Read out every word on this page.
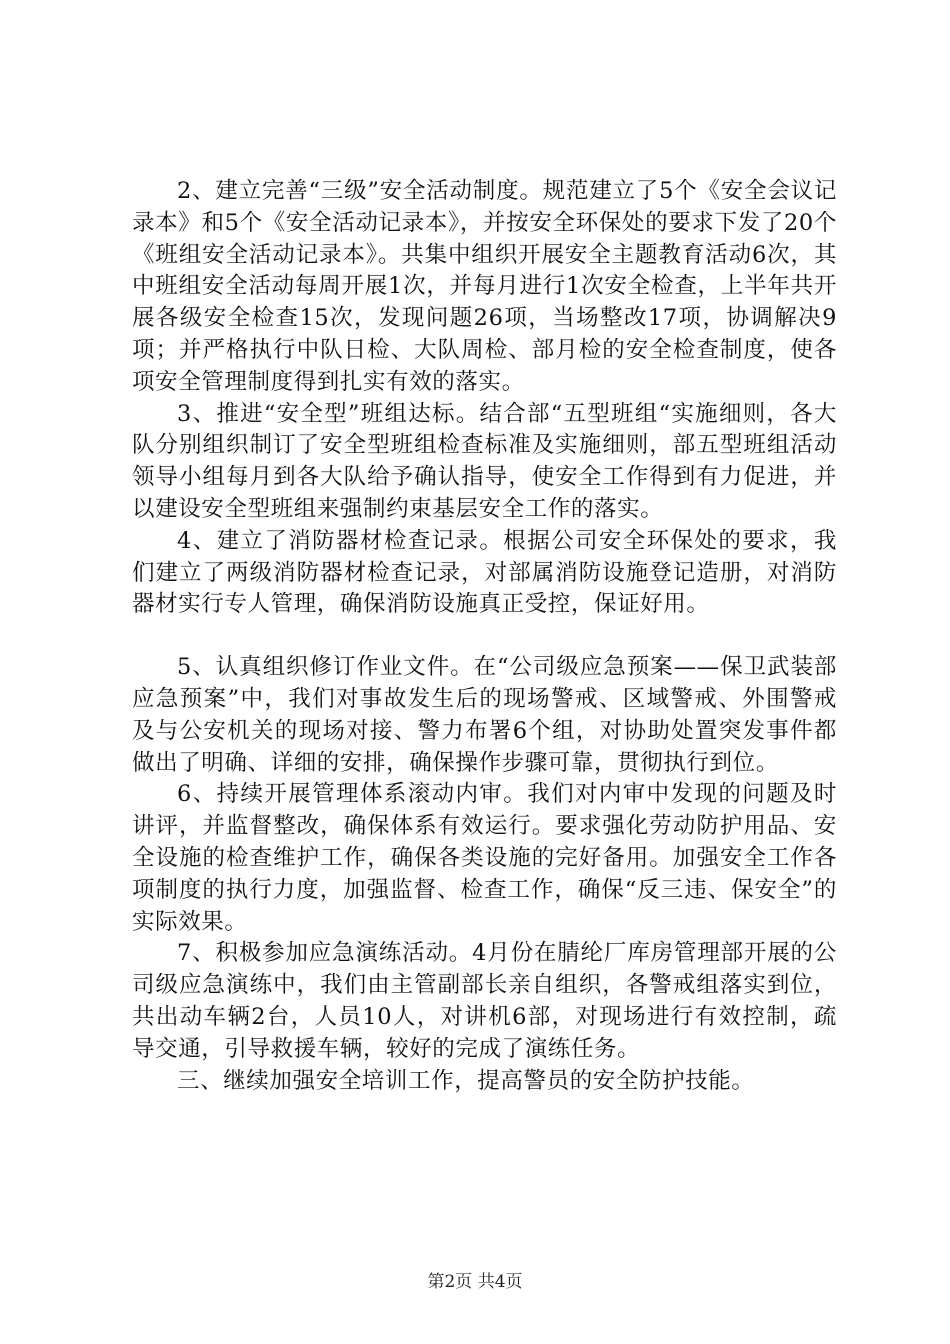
2、建立完善“三级”安全活动制度。规范建立了5个《安全会议记录本》和5个《安全活动记录本》，并按安全环保处的要求下发了20个《班组安全活动记录本》。共集中组织开展安全主题教育活动6次，其中班组安全活动每周开展1次，并每月进行1次安全检查，上半年共开展各级安全检查15次，发现问题26项，当场整改17项，协调解决9项；并严格执行中队日检、大队周检、部月检的安全检查制度，使各项安全管理制度得到扎实有效的落实。

3、推进“安全型”班组达标。结合部“五型班组“实施细则，各大队分别组织制订了安全型班组检查标准及实施细则，部五型班组活动领导小组每月到各大队给予确认指导，使安全工作得到有力促进，并以建设安全型班组来强制约束基层安全工作的落实。

4、建立了消防器材检查记录。根据公司安全环保处的要求，我们建立了两级消防器材检查记录，对部属消防设施登记造册，对消防器材实行专人管理，确保消防设施真正受控，保证好用。

5、认真组织修订作业文件。在“公司级应急预案——保卫武装部应急预案”中，我们对事故发生后的现场警戒、区域警戒、外围警戒及与公安机关的现场对接、警力布署6个组，对协助处置突发事件都做出了明确、详细的安排，确保操作步骤可靠，贯彻执行到位。

6、持续开展管理体系滚动内审。我们对内审中发现的问题及时讲评，并监督整改，确保体系有效运行。要求强化劳动防护用品、安全设施的检查维护工作，确保各类设施的完好备用。加强安全工作各项制度的执行力度，加强监督、检查工作，确保“反三违、保安全”的实际效果。

7、积极参加应急演练活动。4月份在腈纶厂库房管理部开展的公司级应急演练中，我们由主管副部长亲自组织，各警戒组落实到位，共出动车辆2台，人员10人，对讲机6部，对现场进行有效控制，疏导交通，引导救援车辆，较好的完成了演练任务。

三、继续加强安全培训工作，提高警员的安全防护技能。

第2页 共4页
